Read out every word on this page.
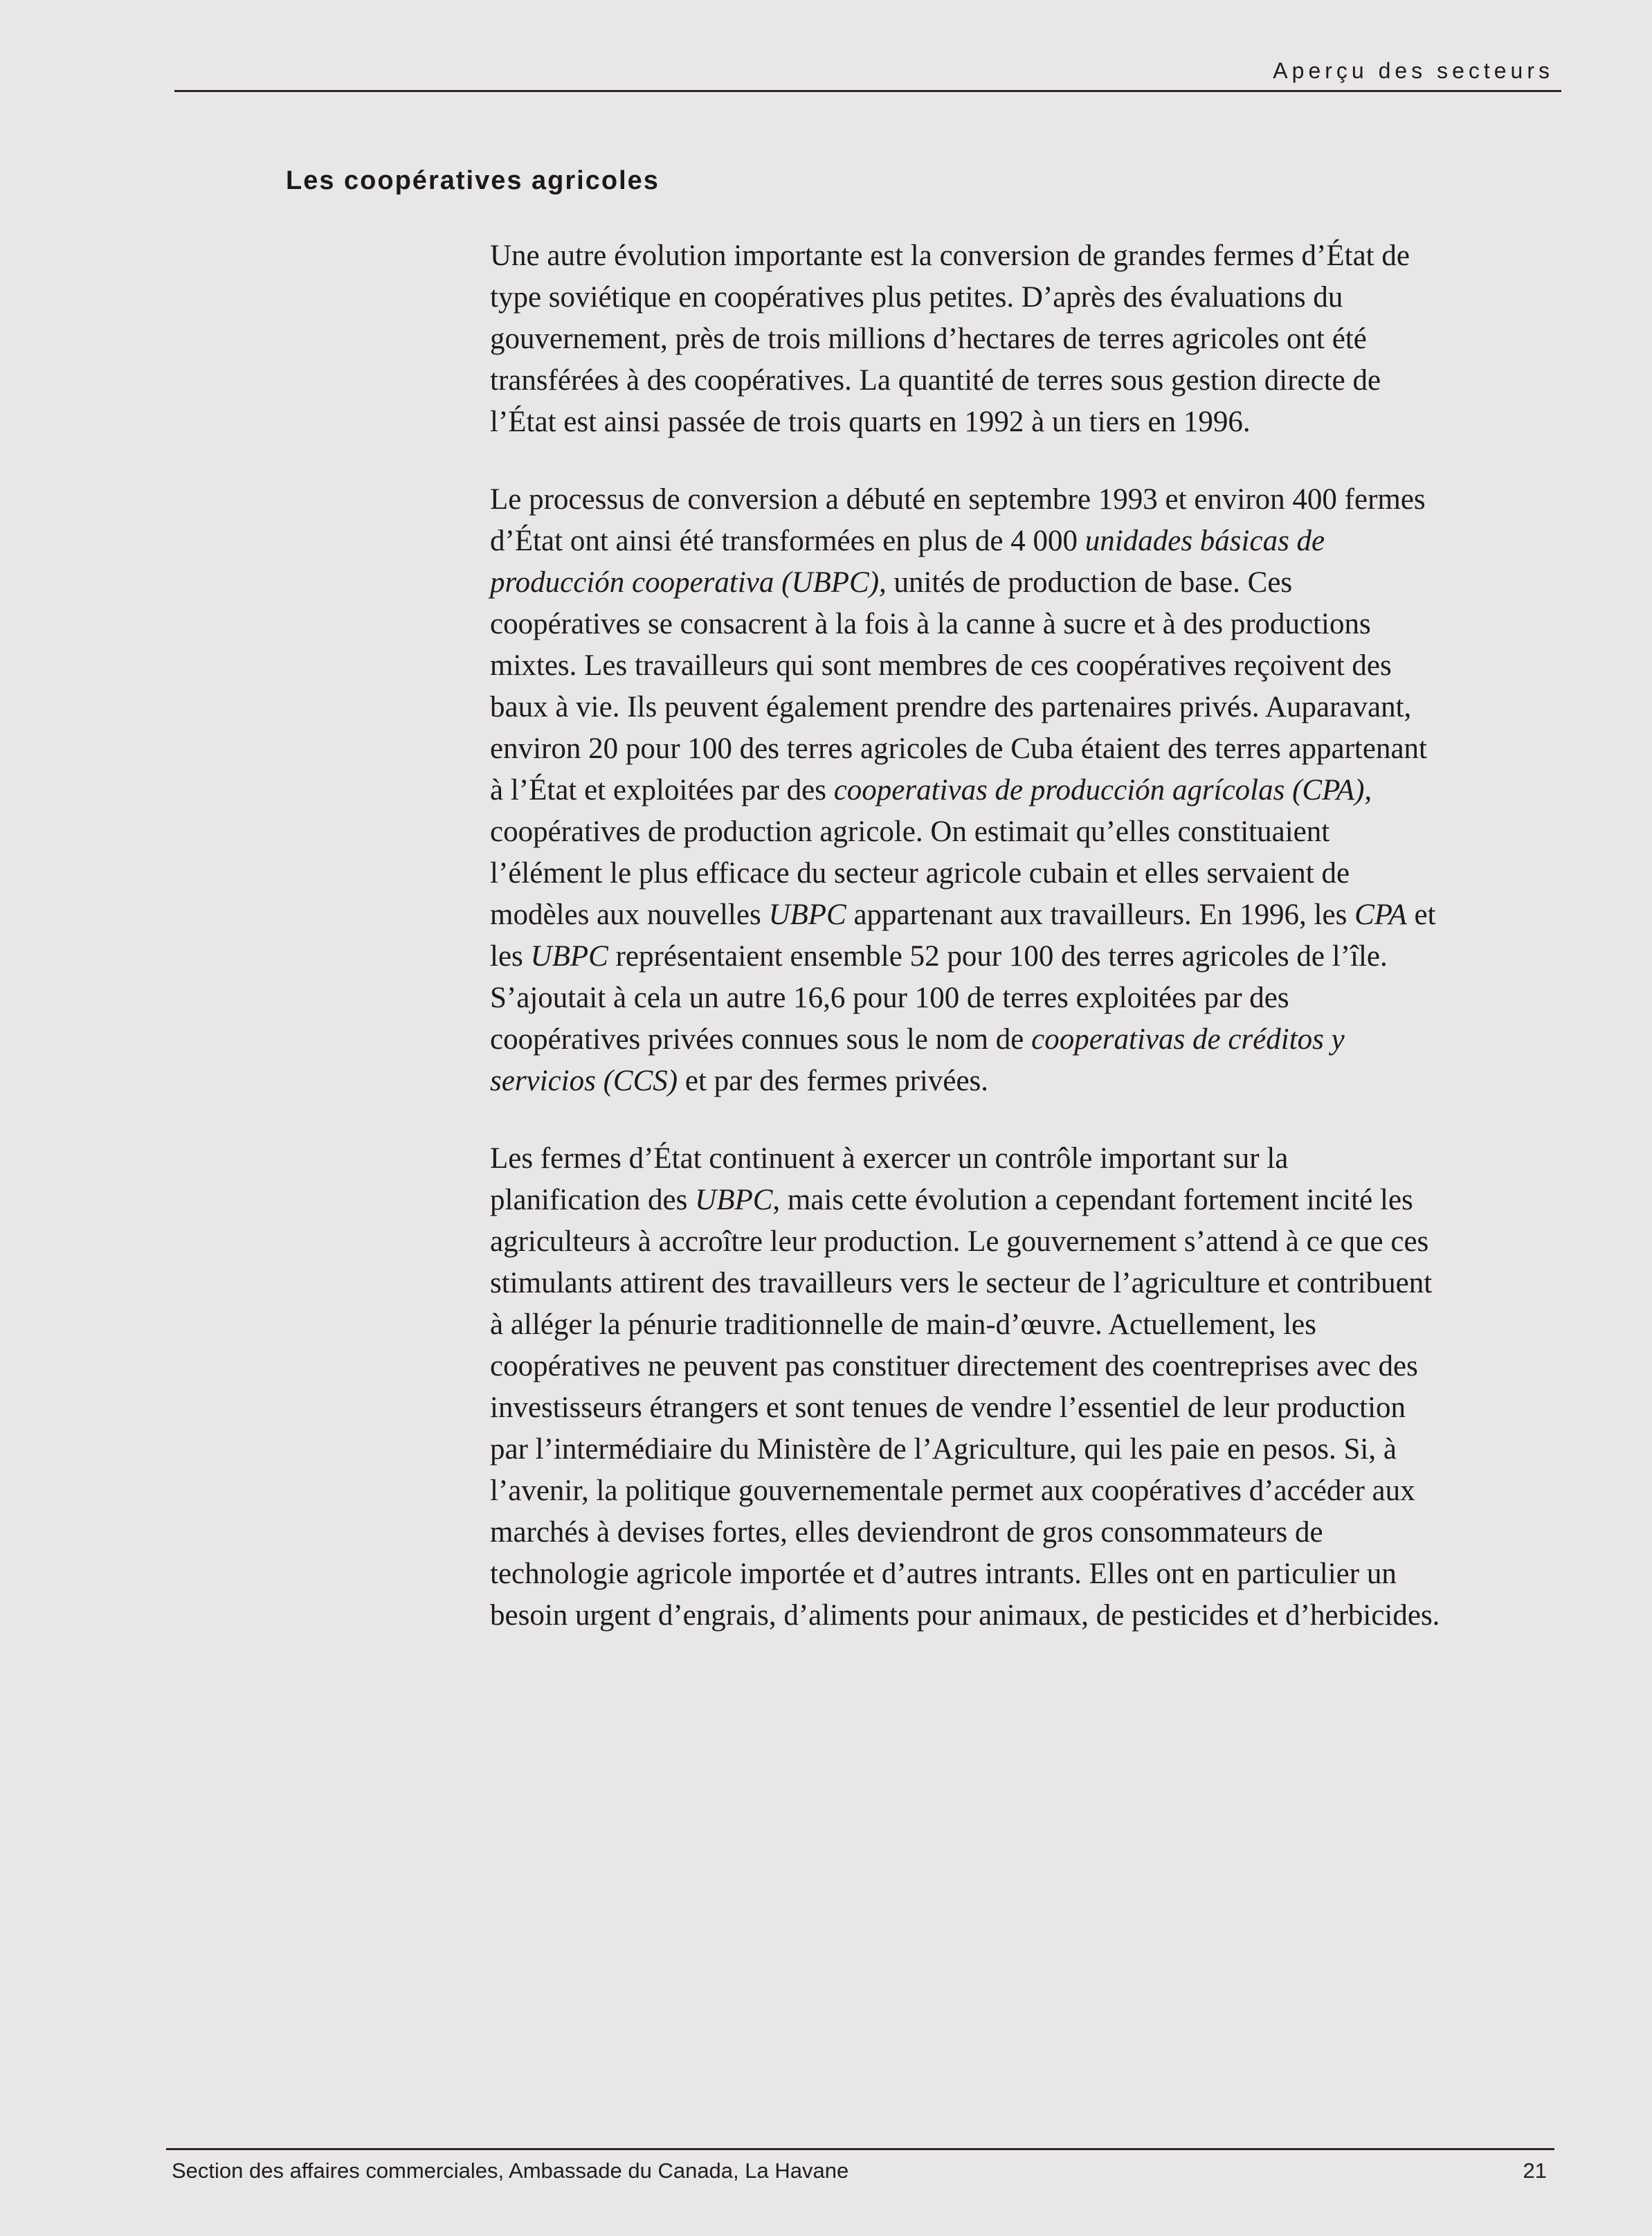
Aperçu des secteurs
Les coopératives agricoles

Une autre évolution importante est la conversion de grandes fermes d’État de type soviétique en coopératives plus petites. D’après des évaluations du gouvernement, près de trois millions d’hectares de terres agricoles ont été transférées à des coopératives. La quantité de terres sous gestion directe de l’État est ainsi passée de trois quarts en 1992 à un tiers en 1996.

Le processus de conversion a débuté en septembre 1993 et environ 400 fermes d’État ont ainsi été transformées en plus de 4 000 unidades básicas de producción cooperativa (UBPC), unités de production de base. Ces coopératives se consacrent à la fois à la canne à sucre et à des productions mixtes. Les travailleurs qui sont membres de ces coopératives reçoivent des baux à vie. Ils peuvent également prendre des partenaires privés. Auparavant, environ 20 pour 100 des terres agricoles de Cuba étaient des terres appartenant à l’État et exploitées par des cooperativas de producción agrícolas (CPA), coopératives de production agricole. On estimait qu’elles constituaient l’élément le plus efficace du secteur agricole cubain et elles servaient de modèles aux nouvelles UBPC appartenant aux travailleurs. En 1996, les CPA et les UBPC représentaient ensemble 52 pour 100 des terres agricoles de l’île. S’ajoutait à cela un autre 16,6 pour 100 de terres exploitées par des coopératives privées connues sous le nom de cooperativas de créditos y servicios (CCS) et par des fermes privées.

Les fermes d’État continuent à exercer un contrôle important sur la planification des UBPC, mais cette évolution a cependant fortement incité les agriculteurs à accroître leur production. Le gouvernement s’attend à ce que ces stimulants attirent des travailleurs vers le secteur de l’agriculture et contribuent à alléger la pénurie traditionnelle de main-d’œuvre. Actuellement, les coopératives ne peuvent pas constituer directement des coentreprises avec des investisseurs étrangers et sont tenues de vendre l’essentiel de leur production par l’intermédiaire du Ministère de l’Agriculture, qui les paie en pesos. Si, à l’avenir, la politique gouvernementale permet aux coopératives d’accéder aux marchés à devises fortes, elles deviendront de gros consommateurs de technologie agricole importée et d’autres intrants. Elles ont en particulier un besoin urgent d’engrais, d’aliments pour animaux, de pesticides et d’herbicides.

Section des affaires commerciales, Ambassade du Canada, La Havane	21
